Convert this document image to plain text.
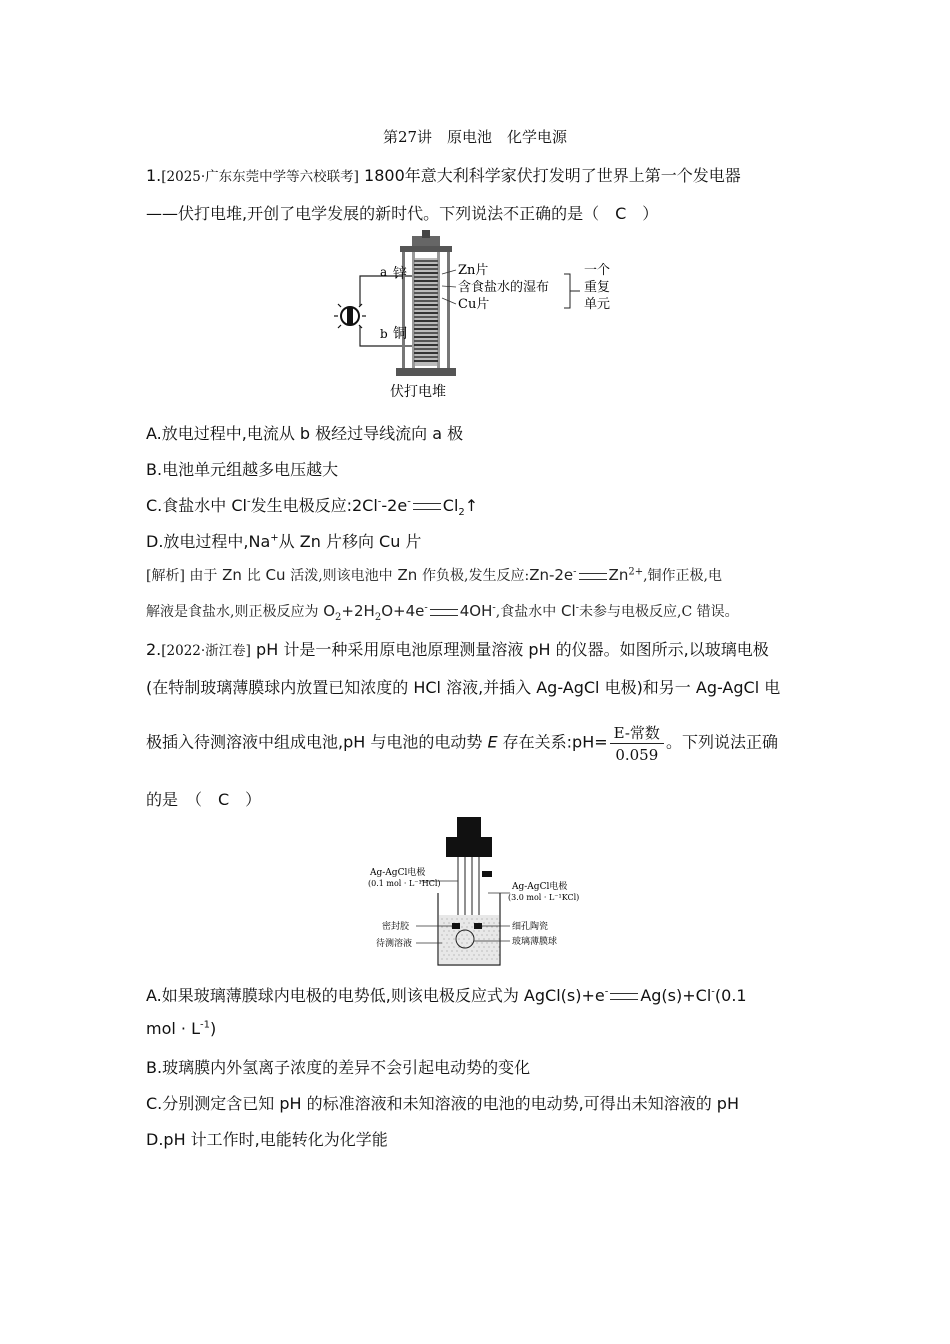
第27讲　原电池　化学电源
1.[2025·广东东莞中学等六校联考] 1800年意大利科学家伏打发明了世界上第一个发电器
——伏打电堆,开创了电学发展的新时代。下列说法不正确的是（　C　）
a 锌
b 铜
Zn片
含食盐水的湿布
Cu片
一个
重复
单元
伏打电堆
A.放电过程中,电流从 b 极经过导线流向 a 极
B.电池单元组越多电压越大
C.食盐水中 Cl-发生电极反应:2Cl--2e- $Cl_2↑$
D.放电过程中,Na+从 Zn 片移向 Cu 片
[解析] 由于 Zn 比 Cu 活泼,则该电池中 Zn 作负极,发生反应:Zn-2e- $Zn^{2+}$,铜作正极,电
解液是食盐水,则正极反应为 $O_2+2H_2O+4e^-$ 4OH-,食盐水中 Cl-未参与电极反应,C 错误。
2.[2022·浙江卷] pH 计是一种采用原电池原理测量溶液 pH 的仪器。如图所示,以玻璃电极
(在特制玻璃薄膜球内放置已知浓度的 HCl 溶液,并插入 Ag-AgCl 电极)和另一 Ag-AgCl 电
极插入待测溶液中组成电池,pH 与电池的电动势 E 存在关系:pH= $\frac{\text{E-常数}}{0.059}$ 。下列说法正确
的是　（　C　）
Ag-AgCl电极
(0.1 mol · L⁻¹HCl)	Ag-AgCl电极
(3.0 mol · L⁻¹KCl)
密封胶
待测溶液
细孔陶瓷
玻璃薄膜球
A.如果玻璃薄膜球内电极的电势低,则该电极反应式为 AgCl(s)+e- Ag(s)+Cl-(0.1
mol · $L^{-1}$)
B.玻璃膜内外氢离子浓度的差异不会引起电动势的变化
C.分别测定含已知 pH 的标准溶液和未知溶液的电池的电动势,可得出未知溶液的 pH
D.pH 计工作时,电能转化为化学能
